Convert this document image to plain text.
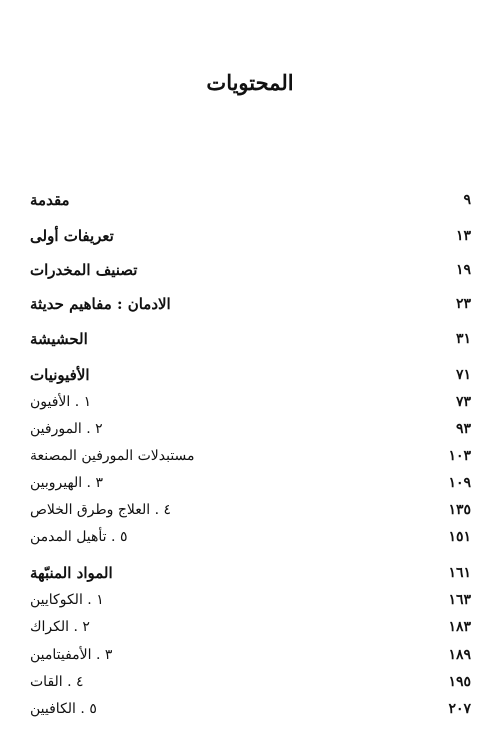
المحتويات
مقدمة	٩
تعريفات أولى	١٣
تصنيف المخدرات	١٩
الادمان : مفاهيم حديثة	٢٣
الحشيشة	٣١
الأفيونيات	٧١
١ . الأفيون	٧٣
٢ . المورفين	٩٣
مستبدلات المورفين المصنعة	١٠٣
٣ . الهيروبين	١٠٩
٤ . العلاج وطرق الخلاص	١٣٥
٥ . تأهيل المدمن	١٥١
المواد المنبّهة	١٦١
١ . الكوكايين	١٦٣
٢ . الكراك	١٨٣
٣ . الأمفيتامين	١٨٩
٤ . القات	١٩٥
٥ . الكافيين	٢٠٧
